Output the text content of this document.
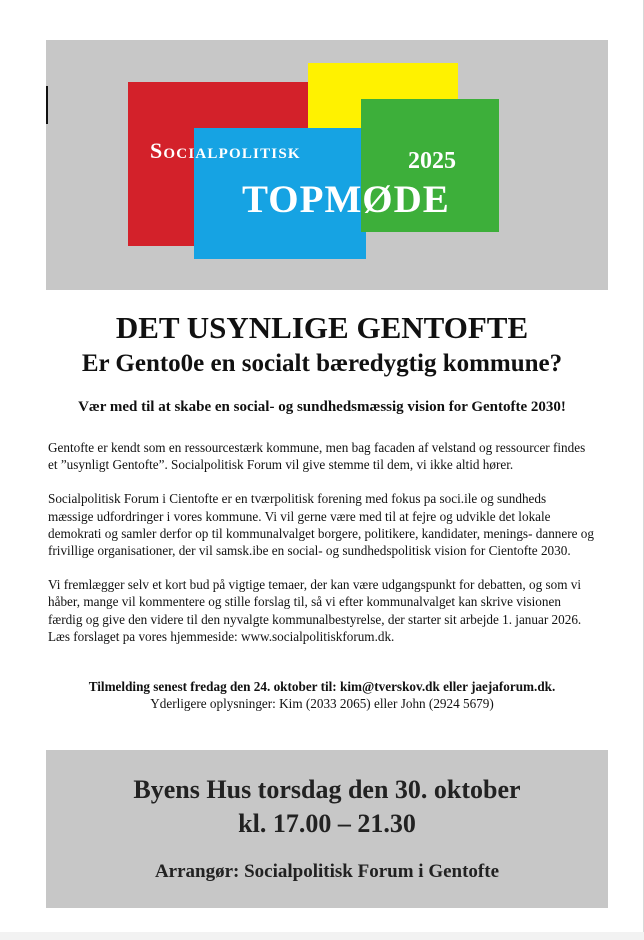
Socialpolitisk	2025
TOPMØDE
DET USYNLIGE GENTOFTE
Er Gento0e en socialt bæredygtig kommune?
Vær med til at skabe en social- og sundhedsmæssig vision for Gentofte 2030!

Gentofte er kendt som en ressourcestærk kommune, men bag facaden af velstand og ressourcer findes et ”usynligt Gentofte”. Socialpolitisk Forum vil give stemme til dem, vi ikke altid hører.

Socialpolitisk Forum i Cientofte er en tværpolitisk forening med fokus pa soci.ile og sundheds mæssige udfordringer i vores kommune. Vi vil gerne være med til at fejre og udvikle det lokale demokrati og samler derfor op til kommunalvalget borgere, politikere, kandidater, menings- dannere og frivillige organisationer, der vil samsk.ibe en social- og sundhedspolitisk vision for Cientofte 2030.

Vi fremlægger selv et kort bud på vigtige temaer, der kan være udgangspunkt for debatten, og som vi håber, mange vil kommentere og stille forslag til, så vi efter kommunalvalget kan skrive visionen færdig og give den videre til den nyvalgte kommunalbestyrelse, der starter sit arbejde 1. januar 2026. Læs forslaget pa vores hjemmeside: www.socialpolitiskforum.dk.

Tilmelding senest fredag den 24. oktober til: kim@tverskov.dk eller jaejaforum.dk.
Yderligere oplysninger: Kim (2033 2065) eller John (2924 5679)
Byens Hus torsdag den 30. oktober
kl. 17.00 – 21.30
Arrangør: Socialpolitisk Forum i Gentofte
